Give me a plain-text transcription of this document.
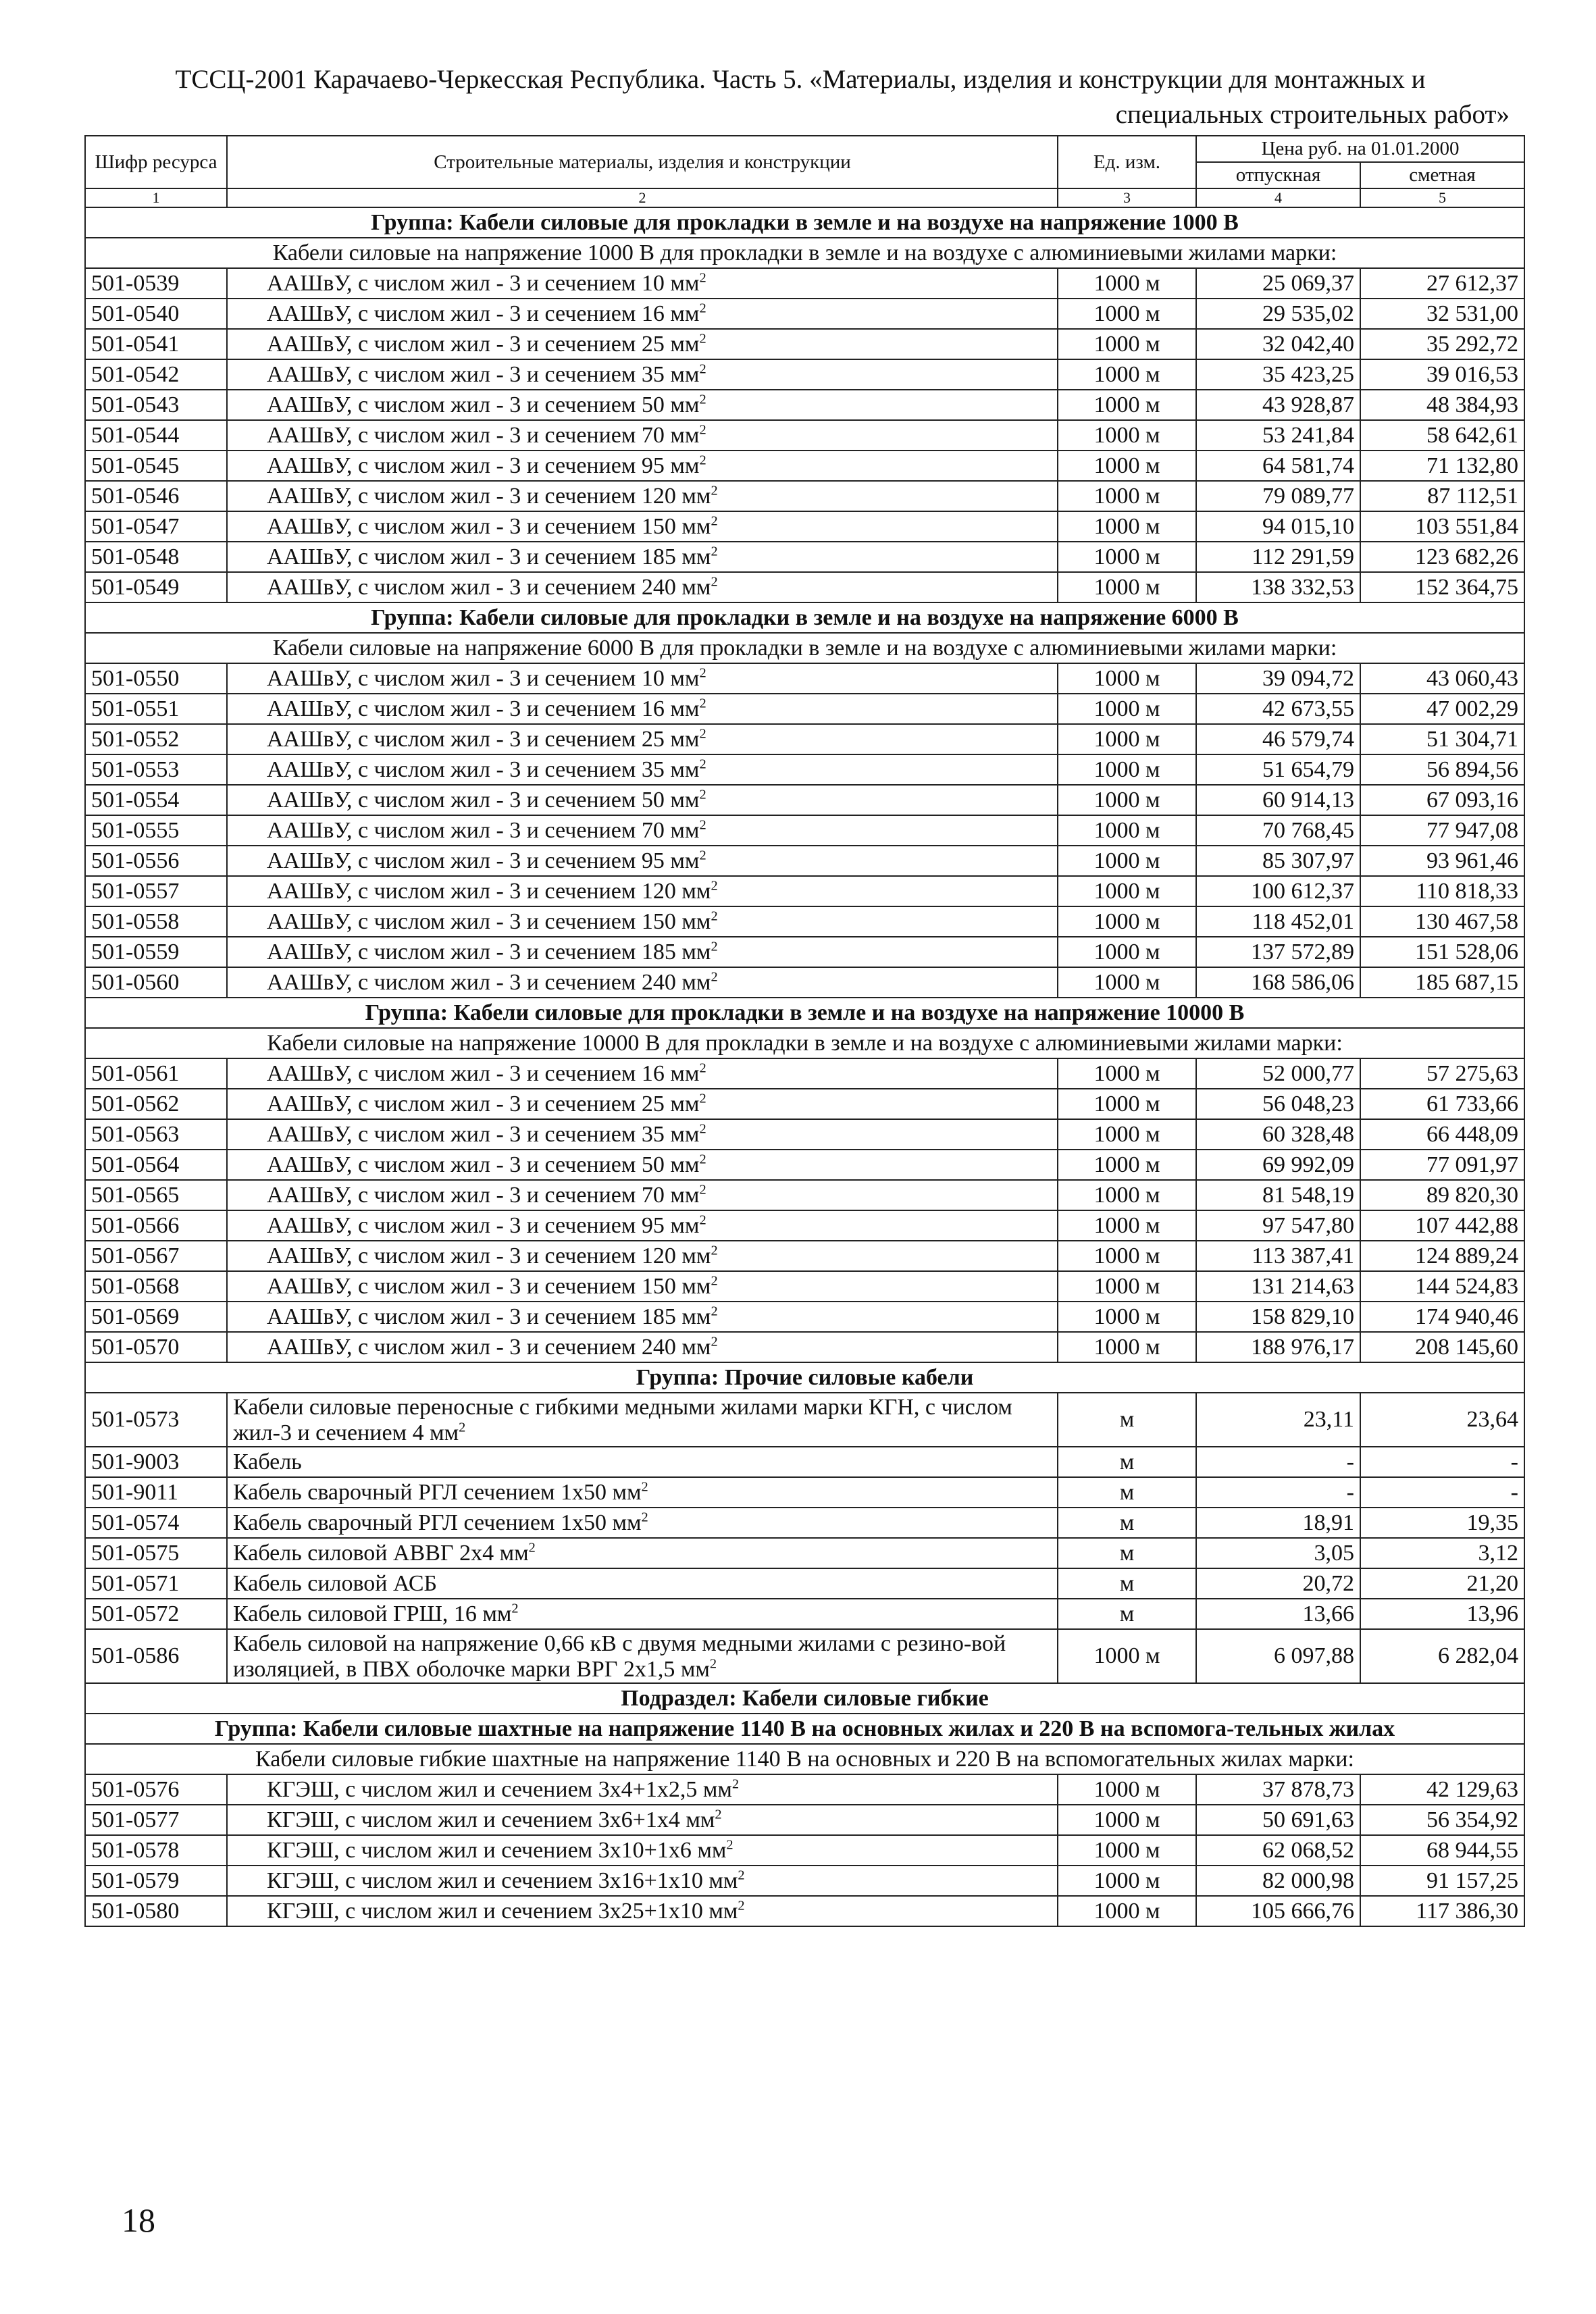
ТССЦ-2001 Карачаево-Черкесская Республика. Часть 5. «Материалы, изделия и конструкции для монтажных и

специальных строительных работ»
Шифр ресурса	Строительные материалы, изделия и конструкции	Ед. изм.	Цена руб. на 01.01.2000	
			отпускная	сметная
1	2	3	4	5
Группа: Кабели силовые для прокладки в земле и на воздухе на напряжение 1000 В				
Кабели силовые на напряжение 1000 В для прокладки в земле и на воздухе с алюминиевыми жилами марки:				
501-0539	ААШвУ, с числом жил - 3 и сечением 10 $мм^2$	1000 м	25 069,37	27 612,37
501-0540	ААШвУ, с числом жил - 3 и сечением 16 $мм^2$	1000 м	29 535,02	32 531,00
501-0541	ААШвУ, с числом жил - 3 и сечением 25 $мм^2$	1000 м	32 042,40	35 292,72
501-0542	ААШвУ, с числом жил - 3 и сечением 35 $мм^2$	1000 м	35 423,25	39 016,53
501-0543	ААШвУ, с числом жил - 3 и сечением 50 $мм^2$	1000 м	43 928,87	48 384,93
501-0544	ААШвУ, с числом жил - 3 и сечением 70 $мм^2$	1000 м	53 241,84	58 642,61
501-0545	ААШвУ, с числом жил - 3 и сечением 95 $мм^2$	1000 м	64 581,74	71 132,80
501-0546	ААШвУ, с числом жил - 3 и сечением 120 $мм^2$	1000 м	79 089,77	87 112,51
501-0547	ААШвУ, с числом жил - 3 и сечением 150 $мм^2$	1000 м	94 015,10	103 551,84
501-0548	ААШвУ, с числом жил - 3 и сечением 185 $мм^2$	1000 м	112 291,59	123 682,26
501-0549	ААШвУ, с числом жил - 3 и сечением 240 $мм^2$	1000 м	138 332,53	152 364,75
Группа: Кабели силовые для прокладки в земле и на воздухе на напряжение 6000 В				
Кабели силовые на напряжение 6000 В для прокладки в земле и на воздухе с алюминиевыми жилами марки:				
501-0550	ААШвУ, с числом жил - 3 и сечением 10 $мм^2$	1000 м	39 094,72	43 060,43
501-0551	ААШвУ, с числом жил - 3 и сечением 16 $мм^2$	1000 м	42 673,55	47 002,29
501-0552	ААШвУ, с числом жил - 3 и сечением 25 $мм^2$	1000 м	46 579,74	51 304,71
501-0553	ААШвУ, с числом жил - 3 и сечением 35 $мм^2$	1000 м	51 654,79	56 894,56
501-0554	ААШвУ, с числом жил - 3 и сечением 50 $мм^2$	1000 м	60 914,13	67 093,16
501-0555	ААШвУ, с числом жил - 3 и сечением 70 $мм^2$	1000 м	70 768,45	77 947,08
501-0556	ААШвУ, с числом жил - 3 и сечением 95 $мм^2$	1000 м	85 307,97	93 961,46
501-0557	ААШвУ, с числом жил - 3 и сечением 120 $мм^2$	1000 м	100 612,37	110 818,33
501-0558	ААШвУ, с числом жил - 3 и сечением 150 $мм^2$	1000 м	118 452,01	130 467,58
501-0559	ААШвУ, с числом жил - 3 и сечением 185 $мм^2$	1000 м	137 572,89	151 528,06
501-0560	ААШвУ, с числом жил - 3 и сечением 240 $мм^2$	1000 м	168 586,06	185 687,15
Группа: Кабели силовые для прокладки в земле и на воздухе на напряжение 10000 В				
Кабели силовые на напряжение 10000 В для прокладки в земле и на воздухе с алюминиевыми жилами марки:				
501-0561	ААШвУ, с числом жил - 3 и сечением 16 $мм^2$	1000 м	52 000,77	57 275,63
501-0562	ААШвУ, с числом жил - 3 и сечением 25 $мм^2$	1000 м	56 048,23	61 733,66
501-0563	ААШвУ, с числом жил - 3 и сечением 35 $мм^2$	1000 м	60 328,48	66 448,09
501-0564	ААШвУ, с числом жил - 3 и сечением 50 $мм^2$	1000 м	69 992,09	77 091,97
501-0565	ААШвУ, с числом жил - 3 и сечением 70 $мм^2$	1000 м	81 548,19	89 820,30
501-0566	ААШвУ, с числом жил - 3 и сечением 95 $мм^2$	1000 м	97 547,80	107 442,88
501-0567	ААШвУ, с числом жил - 3 и сечением 120 $мм^2$	1000 м	113 387,41	124 889,24
501-0568	ААШвУ, с числом жил - 3 и сечением 150 $мм^2$	1000 м	131 214,63	144 524,83
501-0569	ААШвУ, с числом жил - 3 и сечением 185 $мм^2$	1000 м	158 829,10	174 940,46
501-0570	ААШвУ, с числом жил - 3 и сечением 240 $мм^2$	1000 м	188 976,17	208 145,60
Группа: Прочие силовые кабели				
501-0573	Кабели силовые переносные с гибкими медными жилами марки КГН, с числом жил-3 и сечением 4 $мм^2$	м	23,11	23,64
501-9003	Кабель	м	-	-
501-9011	Кабель сварочный РГЛ сечением 1x50 $мм^2$	м	-	-
501-0574	Кабель сварочный РГЛ сечением 1x50 $мм^2$	м	18,91	19,35
501-0575	Кабель силовой АВВГ 2x4 $мм^2$	м	3,05	3,12
501-0571	Кабель силовой АСБ	м	20,72	21,20
501-0572	Кабель силовой ГРШ, 16 $мм^2$	м	13,66	13,96
501-0586	Кабель силовой на напряжение 0,66 кВ с двумя медными жилами с резино-вой изоляцией, в ПВХ оболочке марки ВРГ 2x1,5 $мм^2$	1000 м	6 097,88	6 282,04
Подраздел: Кабели силовые гибкие				
Группа: Кабели силовые шахтные на напряжение 1140 В на основных жилах и 220 В на вспомога-тельных жилах				
Кабели силовые гибкие шахтные на напряжение 1140 В на основных и 220 В на вспомогательных жилах марки:				
501-0576	КГЭШ, с числом жил и сечением 3х4+1х2,5 $мм^2$	1000 м	37 878,73	42 129,63
501-0577	КГЭШ, с числом жил и сечением 3х6+1х4 $мм^2$	1000 м	50 691,63	56 354,92
501-0578	КГЭШ, с числом жил и сечением 3х10+1х6 $мм^2$	1000 м	62 068,52	68 944,55
501-0579	КГЭШ, с числом жил и сечением 3х16+1х10 $мм^2$	1000 м	82 000,98	91 157,25
501-0580	КГЭШ, с числом жил и сечением 3х25+1х10 $мм^2$	1000 м	105 666,76	117 386,30
18
